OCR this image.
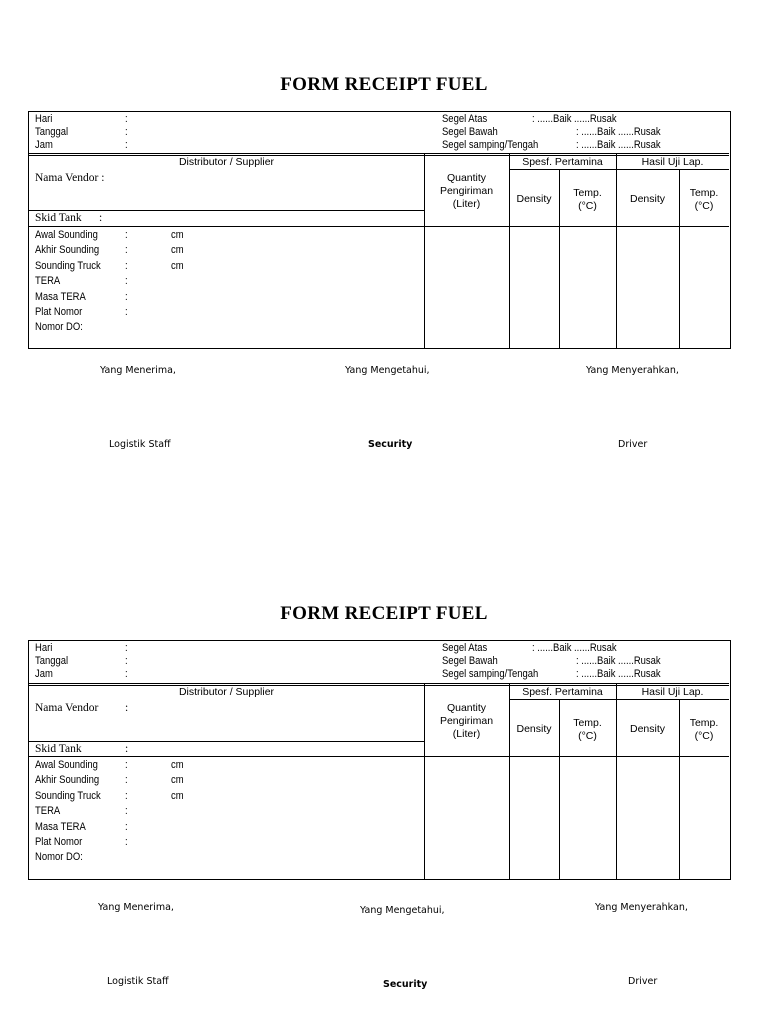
FORM RECEIPT FUEL
Hari	:
Tanggal	:
Jam	:
Segel Atas	: ......Baik ......Rusak
Segel Bawah	: ......Baik ......Rusak
Segel samping/Tengah	: ......Baik ......Rusak
Distributor / Supplier	Spesf. Pertamina	Hasil Uji Lap.
Nama Vendor :
Skid Tank :
Quantity
Pengiriman
(Liter)	Density	Temp.
(°C)
Density	Temp.
(°C)
Awal Sounding :	cm
Akhir Sounding :	cm
Sounding Truck :	cm
TERA	:
Masa TERA	:
Plat Nomor	:
Nomor DO:
Yang Menerima,	Yang Mengetahui,	Yang Menyerahkan,
Logistik Staff	Security	Driver
FORM RECEIPT FUEL
Hari	:
Tanggal	:
Jam	:
Segel Atas	: ......Baik ......Rusak
Segel Bawah	: ......Baik ......Rusak
Segel samping/Tengah	: ......Baik ......Rusak
Distributor / Supplier	Spesf. Pertamina	Hasil Uji Lap.
Nama Vendor :
Skid Tank	:
Quantity
Pengiriman
(Liter)	Density	Temp.
(°C)
Density	Temp.
(°C)
Awal Sounding :	cm
Akhir Sounding :	cm
Sounding Truck :	cm
TERA	:
Masa TERA	:
Plat Nomor	:
Nomor DO:
Yang Menerima,	Yang Mengetahui,	Yang Menyerahkan,
Logistik Staff	Security	Driver
